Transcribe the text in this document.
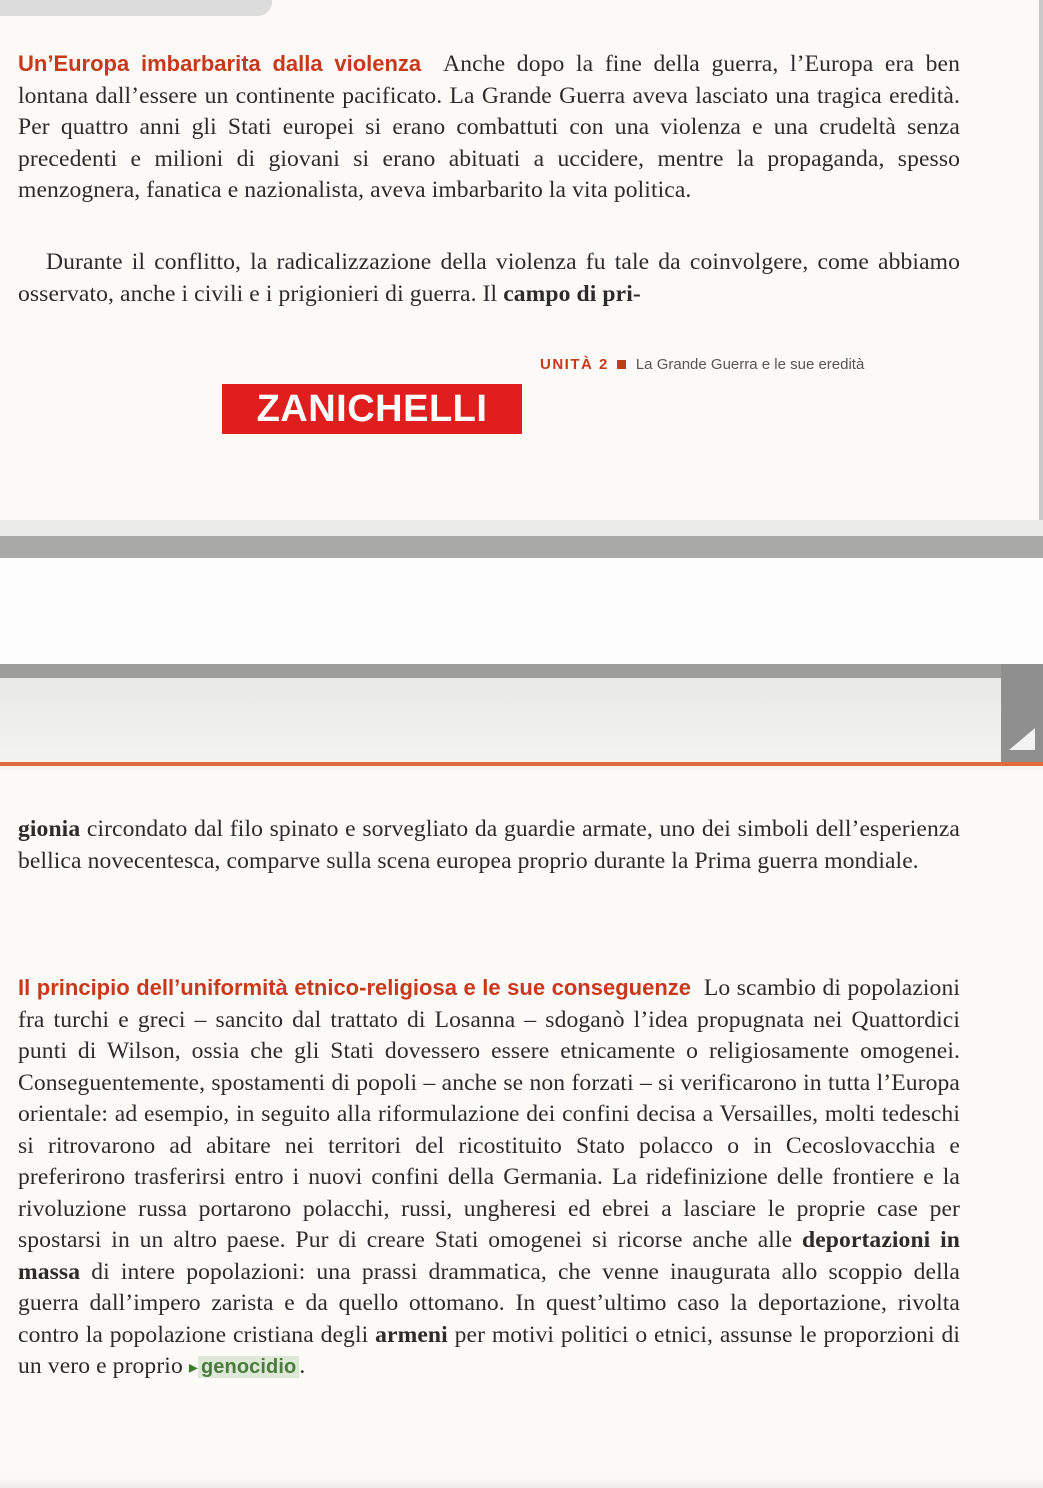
Un’Europa imbarbarita dalla violenza Anche dopo la fine della guerra, l’Europa era ben lontana dall’essere un continente pacificato. La Grande Guerra aveva lasciato una tragica eredità. Per quattro anni gli Stati europei si erano combattuti con una violenza e una crudeltà senza precedenti e milioni di giovani si erano abituati a uccidere, mentre la propaganda, spesso menzognera, fanatica e nazionalista, aveva imbarbarito la vita politica.

Durante il conflitto, la radicalizzazione della violenza fu tale da coinvolgere, come abbiamo osservato, anche i civili e i prigionieri di guerra. Il campo di pri-

UNITÀ 2 La Grande Guerra e le sue eredità
ZANICHELLI

gionia circondato dal filo spinato e sorvegliato da guardie armate, uno dei simboli dell’esperienza bellica novecentesca, comparve sulla scena europea proprio durante la Prima guerra mondiale.

Il principio dell’uniformità etnico-religiosa e le sue conseguenze Lo scambio di popolazioni fra turchi e greci – sancito dal trattato di Losanna – sdoganò l’idea propugnata nei Quattordici punti di Wilson, ossia che gli Stati dovessero essere etnicamente o religiosamente omogenei. Conseguentemente, spostamenti di popoli – anche se non forzati – si verificarono in tutta l’Europa orientale: ad esempio, in seguito alla riformulazione dei confini decisa a Versailles, molti tedeschi si ritrovarono ad abitare nei territori del ricostituito Stato polacco o in Cecoslovacchia e preferirono trasferirsi entro i nuovi confini della Germania. La ridefinizione delle frontiere e la rivoluzione russa portarono polacchi, russi, ungheresi ed ebrei a lasciare le proprie case per spostarsi in un altro paese. Pur di creare Stati omogenei si ricorse anche alle deportazioni in massa di intere popolazioni: una prassi drammatica, che venne inaugurata allo scoppio della guerra dall’impero zarista e da quello ottomano. In quest’ultimo caso la deportazione, rivolta contro la popolazione cristiana degli armeni per motivi politici o etnici, assunse le proporzioni di un vero e proprio ▸ genocidio .
